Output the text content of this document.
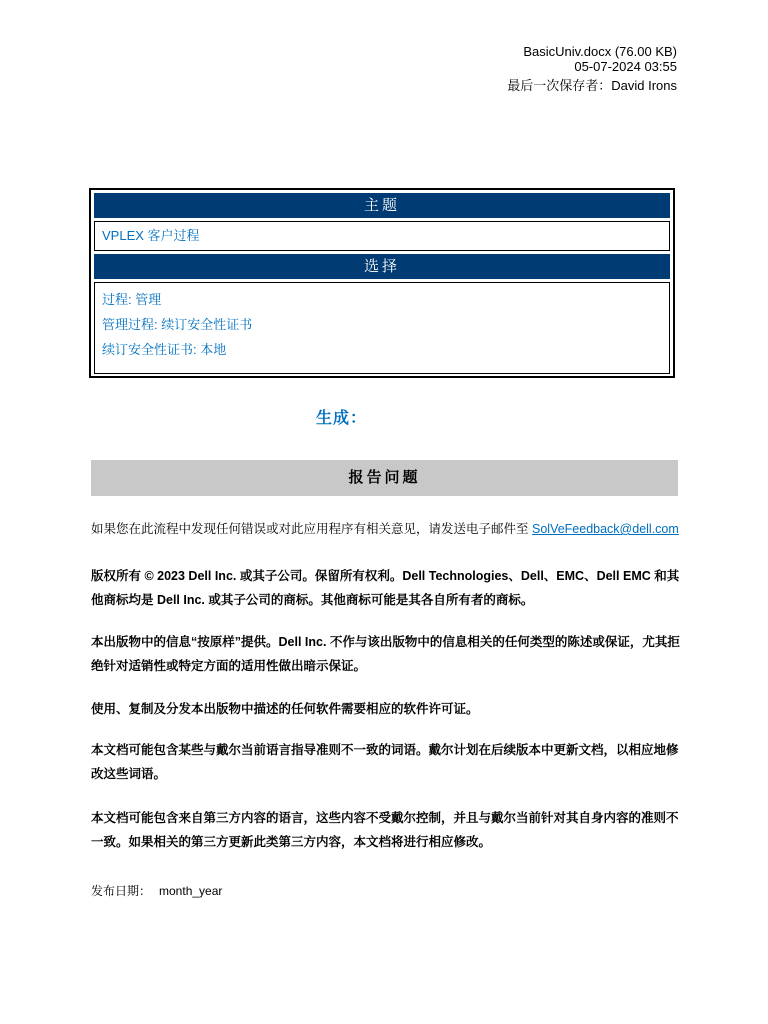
BasicUniv.docx (76.00 KB)
05-07-2024 03:55
最后一次保存者：David Irons
主题
VPLEX 客户过程
选择
过程: 管理
管理过程: 续订安全性证书
续订安全性证书: 本地
生成：
报告问题
如果您在此流程中发现任何错误或对此应用程序有相关意见，请发送电子邮件至 SolVeFeedback@dell.com
版权所有 © 2023 Dell Inc. 或其子公司。保留所有权利。Dell Technologies、Dell、EMC、Dell EMC 和其他商标均是 Dell Inc. 或其子公司的商标。其他商标可能是其各自所有者的商标。
本出版物中的信息“按原样”提供。Dell Inc. 不作与该出版物中的信息相关的任何类型的陈述或保证，尤其拒绝针对适销性或特定方面的适用性做出暗示保证。
使用、复制及分发本出版物中描述的任何软件需要相应的软件许可证。
本文档可能包含某些与戴尔当前语言指导准则不一致的词语。戴尔计划在后续版本中更新文档，以相应地修改这些词语。
本文档可能包含来自第三方内容的语言，这些内容不受戴尔控制，并且与戴尔当前针对其自身内容的准则不一致。如果相关的第三方更新此类第三方内容，本文档将进行相应修改。
发布日期： month_year
